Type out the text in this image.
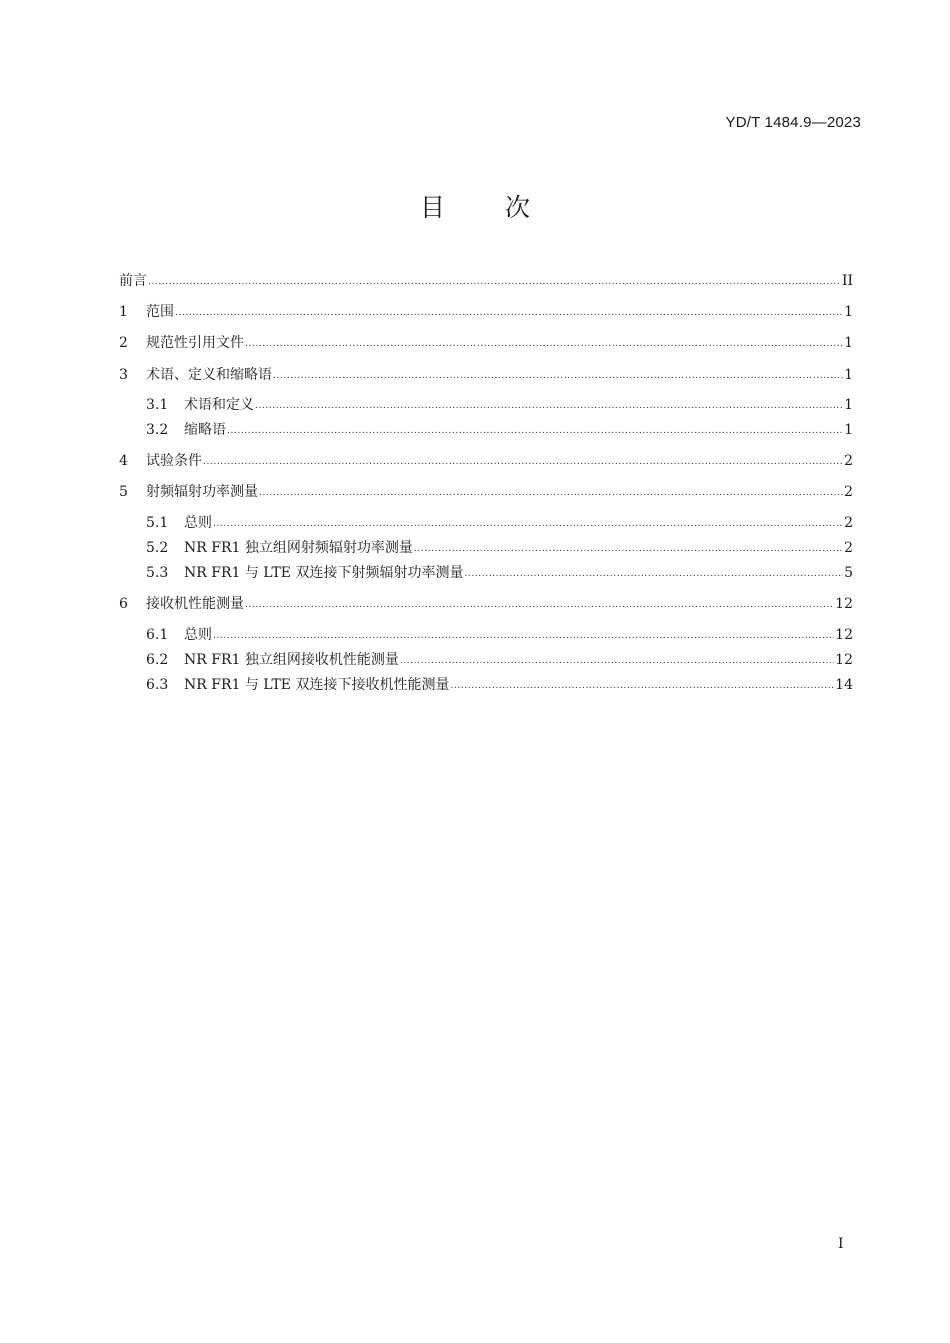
YD/T 1484.9—2023
目次
前言 .....	II
1	范围 .....	1
2	规范性引用文件 .....	1
3	术语、定义和缩略语 .....	1
3.1	术语和定义 .....	1
3.2	缩略语 .....	1
4	试验条件 .....	2
5	射频辐射功率测量 .....	2
5.1	总则 .....	2
5.2	NR FR1 独立组网射频辐射功率测量 .....	2
5.3	NR FR1 与 LTE 双连接下射频辐射功率测量 .....	5
6	接收机性能测量 .....	12
6.1	总则 .....	12
6.2	NR FR1 独立组网接收机性能测量 .....	12
6.3	NR FR1 与 LTE 双连接下接收机性能测量 .....	14
I
